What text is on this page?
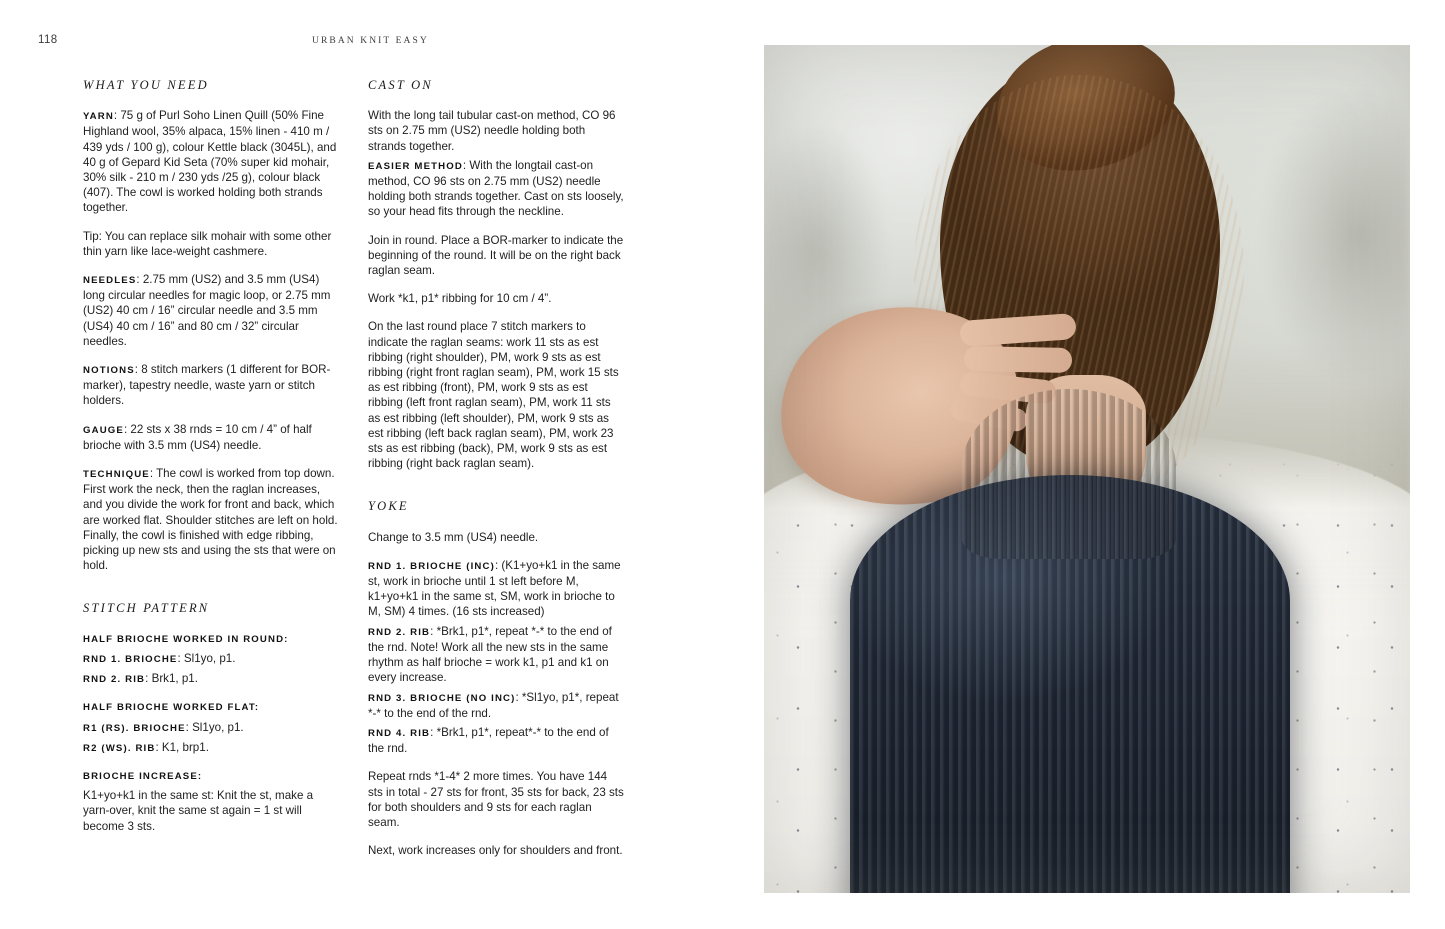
118	URBAN KNIT EASY
WHAT YOU NEED

YARN: 75 g of Purl Soho Linen Quill (50% Fine Highland wool, 35% alpaca, 15% linen - 410 m / 439 yds / 100 g), colour Kettle black (3045L), and 40 g of Gepard Kid Seta (70% super kid mohair, 30% silk - 210 m / 230 yds /25 g), colour black (407). The cowl is worked holding both strands together.

Tip: You can replace silk mohair with some other thin yarn like lace-weight cashmere.

NEEDLES: 2.75 mm (US2) and 3.5 mm (US4) long circular needles for magic loop, or 2.75 mm (US2) 40 cm / 16” circular needle and 3.5 mm (US4) 40 cm / 16” and 80 cm / 32” circular needles.

NOTIONS: 8 stitch markers (1 different for BOR-marker), tapestry needle, waste yarn or stitch holders.

GAUGE: 22 sts x 38 rnds = 10 cm / 4” of half brioche with 3.5 mm (US4) needle.

TECHNIQUE: The cowl is worked from top down. First work the neck, then the raglan increases, and you divide the work for front and back, which are worked flat. Shoulder stitches are left on hold. Finally, the cowl is finished with edge ribbing, picking up new sts and using the sts that were on hold.

STITCH PATTERN

HALF BRIOCHE WORKED IN ROUND:

RND 1. BRIOCHE: Sl1yo, p1.

RND 2. RIB: Brk1, p1.

HALF BRIOCHE WORKED FLAT:

R1 (RS). BRIOCHE: Sl1yo, p1.

R2 (WS). RIB: K1, brp1.

BRIOCHE INCREASE:

K1+yo+k1 in the same st: Knit the st, make a yarn-over, knit the same st again = 1 st will become 3 sts.

CAST ON

With the long tail tubular cast-on method, CO 96 sts on 2.75 mm (US2) needle holding both strands together.

EASIER METHOD: With the longtail cast-on method, CO 96 sts on 2.75 mm (US2) needle holding both strands together. Cast on sts loosely, so your head fits through the neckline.

Join in round. Place a BOR-marker to indicate the beginning of the round. It will be on the right back raglan seam.

Work *k1, p1* ribbing for 10 cm / 4”.

On the last round place 7 stitch markers to indicate the raglan seams: work 11 sts as est ribbing (right shoulder), PM, work 9 sts as est ribbing (right front raglan seam), PM, work 15 sts as est ribbing (front), PM, work 9 sts as est ribbing (left front raglan seam), PM, work 11 sts as est ribbing (left shoulder), PM, work 9 sts as est ribbing (left back raglan seam), PM, work 23 sts as est ribbing (back), PM, work 9 sts as est ribbing (right back raglan seam).

YOKE

Change to 3.5 mm (US4) needle.

RND 1. BRIOCHE (INC): (K1+yo+k1 in the same st, work in brioche until 1 st left before M, k1+yo+k1 in the same st, SM, work in brioche to M, SM) 4 times. (16 sts increased)

RND 2. RIB: *Brk1, p1*, repeat *-* to the end of the rnd. Note! Work all the new sts in the same rhythm as half brioche = work k1, p1 and k1 on every increase.

RND 3. BRIOCHE (NO INC): *Sl1yo, p1*, repeat *-* to the end of the rnd.

RND 4. RIB: *Brk1, p1*, repeat*-* to the end of the rnd.

Repeat rnds *1-4* 2 more times. You have 144 sts in total - 27 sts for front, 35 sts for back, 23 sts for both shoulders and 9 sts for each raglan seam.

Next, work increases only for shoulders and front.
